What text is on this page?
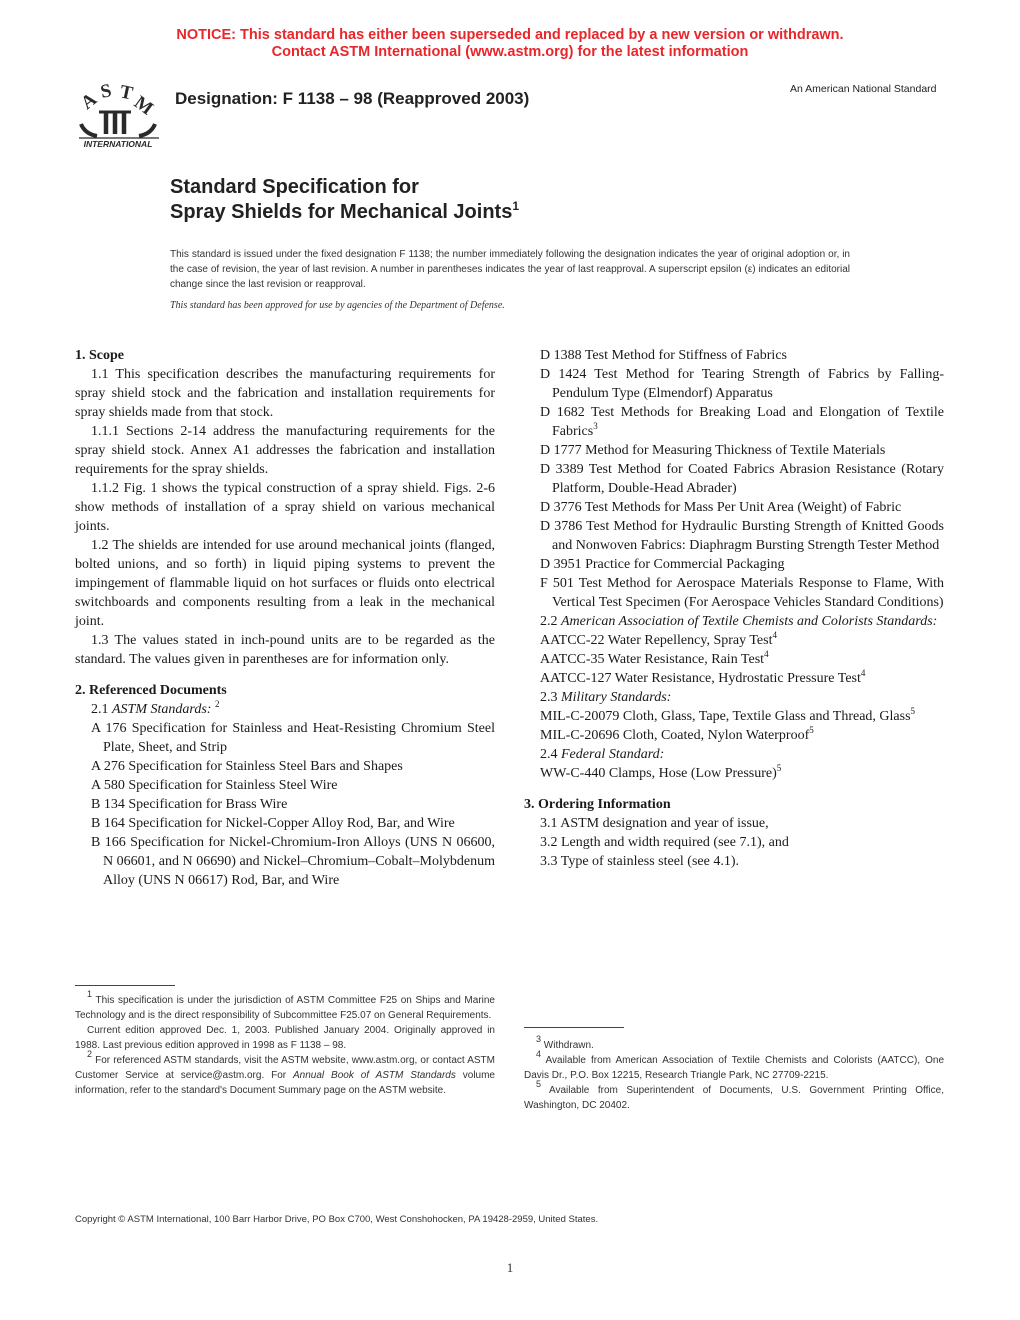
NOTICE: This standard has either been superseded and replaced by a new version or withdrawn.
Contact ASTM International (www.astm.org) for the latest information
A
S T
M
INTERNATIONAL
Designation: F 1138 – 98 (Reapproved 2003)	An American National Standard
Standard Specification for
Spray Shields for Mechanical Joints$^1$
This standard is issued under the fixed designation F 1138; the number immediately following the designation indicates the year of original adoption or, in the case of revision, the year of last revision. A number in parentheses indicates the year of last reapproval. A superscript epsilon (ε) indicates an editorial change since the last revision or reapproval.
This standard has been approved for use by agencies of the Department of Defense.

1. Scope

1.1 This specification describes the manufacturing requirements for spray shield stock and the fabrication and installation requirements for spray shields made from that stock.

1.1.1 Sections 2-14 address the manufacturing requirements for the spray shield stock. Annex A1 addresses the fabrication and installation requirements for the spray shields.

1.1.2 Fig. 1 shows the typical construction of a spray shield. Figs. 2-6 show methods of installation of a spray shield on various mechanical joints.

1.2 The shields are intended for use around mechanical joints (flanged, bolted unions, and so forth) in liquid piping systems to prevent the impingement of flammable liquid on hot surfaces or fluids onto electrical switchboards and components resulting from a leak in the mechanical joint.

1.3 The values stated in inch-pound units are to be regarded as the standard. The values given in parentheses are for information only.

2. Referenced Documents

2.1 ASTM Standards: $^2$

A 176 Specification for Stainless and Heat-Resisting Chromium Steel Plate, Sheet, and Strip

A 276 Specification for Stainless Steel Bars and Shapes

A 580 Specification for Stainless Steel Wire

B 134 Specification for Brass Wire

B 164 Specification for Nickel-Copper Alloy Rod, Bar, and Wire

B 166 Specification for Nickel-Chromium-Iron Alloys (UNS N 06600, N 06601, and N 06690) and Nickel–Chromium–Cobalt–Molybdenum Alloy (UNS N 06617) Rod, Bar, and Wire

D 1388 Test Method for Stiffness of Fabrics

D 1424 Test Method for Tearing Strength of Fabrics by Falling-Pendulum Type (Elmendorf) Apparatus

D 1682 Test Methods for Breaking Load and Elongation of Textile Fabrics$^3$

D 1777 Method for Measuring Thickness of Textile Materials

D 3389 Test Method for Coated Fabrics Abrasion Resistance (Rotary Platform, Double-Head Abrader)

D 3776 Test Methods for Mass Per Unit Area (Weight) of Fabric

D 3786 Test Method for Hydraulic Bursting Strength of Knitted Goods and Nonwoven Fabrics: Diaphragm Bursting Strength Tester Method

D 3951 Practice for Commercial Packaging

F 501 Test Method for Aerospace Materials Response to Flame, With Vertical Test Specimen (For Aerospace Vehicles Standard Conditions)

2.2 American Association of Textile Chemists and Colorists Standards:

AATCC-22 Water Repellency, Spray Test$^4$

AATCC-35 Water Resistance, Rain Test$^4$

AATCC-127 Water Resistance, Hydrostatic Pressure Test$^4$

2.3 Military Standards:

MIL-C-20079 Cloth, Glass, Tape, Textile Glass and Thread, Glass$^5$

MIL-C-20696 Cloth, Coated, Nylon Waterproof$^5$

2.4 Federal Standard:

WW-C-440 Clamps, Hose (Low Pressure)$^5$

3. Ordering Information

3.1 ASTM designation and year of issue,

3.2 Length and width required (see 7.1), and

3.3 Type of stainless steel (see 4.1).

$^1$ This specification is under the jurisdiction of ASTM Committee F25 on Ships and Marine Technology and is the direct responsibility of Subcommittee F25.07 on General Requirements.

Current edition approved Dec. 1, 2003. Published January 2004. Originally approved in 1988. Last previous edition approved in 1998 as F 1138 – 98.

$^2$ For referenced ASTM standards, visit the ASTM website, www.astm.org, or contact ASTM Customer Service at service@astm.org. For Annual Book of ASTM Standards volume information, refer to the standard's Document Summary page on the ASTM website.

$^3$ Withdrawn.

$^4$ Available from American Association of Textile Chemists and Colorists (AATCC), One Davis Dr., P.O. Box 12215, Research Triangle Park, NC 27709-2215.

$^5$ Available from Superintendent of Documents, U.S. Government Printing Office, Washington, DC 20402.

Copyright © ASTM International, 100 Barr Harbor Drive, PO Box C700, West Conshohocken, PA 19428-2959, United States.
1
